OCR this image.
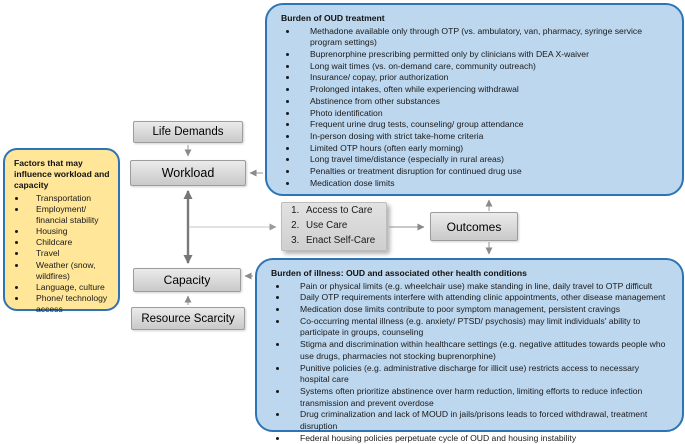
Burden of OUD treatment
• Methadone available only through OTP (vs. ambulatory, van, pharmacy, syringe service program settings)
• Buprenorphine prescribing permitted only by clinicians with DEA X-waiver
• Long wait times (vs. on-demand care, community outreach)
• Insurance/ copay, prior authorization
• Prolonged intakes, often while experiencing withdrawal
• Abstinence from other substances
• Photo identification
• Frequent urine drug tests, counseling/ group attendance
• In-person dosing with strict take-home criteria
• Limited OTP hours (often early morning)
• Long travel time/distance (especially in rural areas)
• Penalties or treatment disruption for continued drug use
• Medication dose limits
Burden of illness: OUD and associated other health conditions
• Pain or physical limits (e.g. wheelchair use) make standing in line, daily travel to OTP difficult
• Daily OTP requirements interfere with attending clinic appointments, other disease management
• Medication dose limits contribute to poor symptom management, persistent cravings
• Co-occurring mental illness (e.g. anxiety/ PTSD/ psychosis) may limit individuals' ability to participate in groups, counseling
• Stigma and discrimination within healthcare settings (e.g. negative attitudes towards people who use drugs, pharmacies not stocking buprenorphine)
• Punitive policies (e.g. administrative discharge for illicit use) restricts access to necessary hospital care
• Systems often prioritize abstinence over harm reduction, limiting efforts to reduce infection transmission and prevent overdose
• Drug criminalization and lack of MOUD in jails/prisons leads to forced withdrawal, treatment disruption
• Federal housing policies perpetuate cycle of OUD and housing instability
Factors that may influence workload and capacity
• Transportation
• Employment/ financial stability
• Housing
• Childcare
• Travel
• Weather (snow, wildfires)
• Language, culture
• Phone/ technology access
Life Demands
Workload
Capacity
Resource Scarcity
Outcomes
1. Access to Care
2. Use Care
3. Enact Self-Care
